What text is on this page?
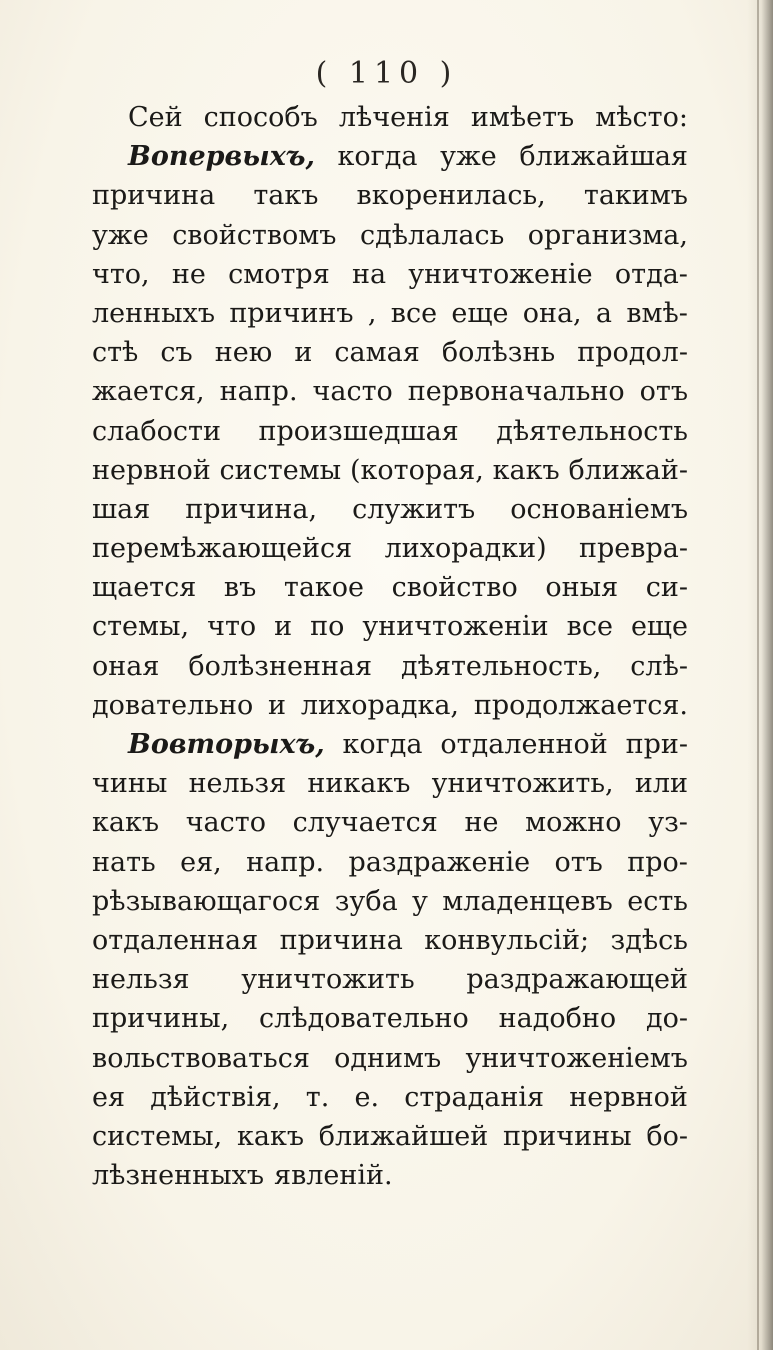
( 110 )
Сей способъ лѣченія имѣетъ мѣсто:
Вопервыхъ, когда уже ближайшая
причина такъ вкоренилась, такимъ
уже свойствомъ сдѣлалась организма,
что, не смотря на уничтоженіе отда-
ленныхъ причинъ , все еще она, а вмѣ-
стѣ съ нею и самая болѣзнь продол-
жается, напр. часто первоначально отъ
слабости произшедшая дѣятельность
нервной системы (которая, какъ ближай-
шая причина, служитъ основаніемъ
перемѣжающейся лихорадки) превра-
щается въ такое свойство оныя си-
стемы, что и по уничтоженіи все еще
оная болѣзненная дѣятельность, слѣ-
довательно и лихорадка, продолжается.
Вовторыхъ, когда отдаленной при-
чины нельзя никакъ уничтожить, или
какъ часто случается не можно уз-
нать ея, напр. раздраженіе отъ про-
рѣзывающагося зуба у младенцевъ есть
отдаленная причина конвульсій; здѣсь
нельзя уничтожить раздражающей
причины, слѣдовательно надобно до-
вольствоваться однимъ уничтоженіемъ
ея дѣйствія, т. е. страданія нервной
системы, какъ ближайшей причины бо-
лѣзненныхъ явленій.
